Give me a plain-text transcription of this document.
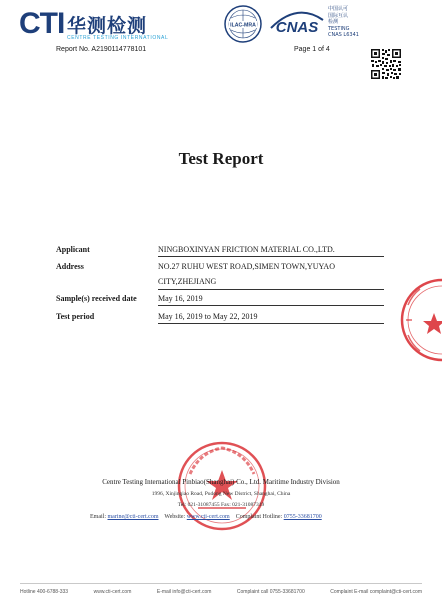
CTI 华测检测
CENTRE TESTING INTERNATIONAL
ILAC-MRA CNAS
中国认可
国际互认
检测
TESTING
CNAS L6341
Report No. A2190114778101	Page 1 of 4
Test Report
Applicant	NINGBOXINYAN FRICTION MATERIAL CO.,LTD.
Address	NO.27 RUHU WEST ROAD,SIMEN TOWN,YUYAO
CITY,ZHEJIANG
Sample(s) received date	May 16, 2019
Test period	May 16, 2019 to May 22, 2019
Centre Testing International Pinbiao(Shanghai) Co., Ltd. Maritime Industry Division
1996, Xinjinqiao Road, Pudong New District, Shanghai, China
Tel: 021-31087455 Fax: 021-31087319
Email: marine@cti-cert.com Website: www.cti-cert.com Complaint Hotline: 0755-33681700
Hotline 400-6788-333	www.cti-cert.com	E-mail info@cti-cert.com	Complaint call 0755-33681700	Complaint E-mail complaint@cti-cert.com
